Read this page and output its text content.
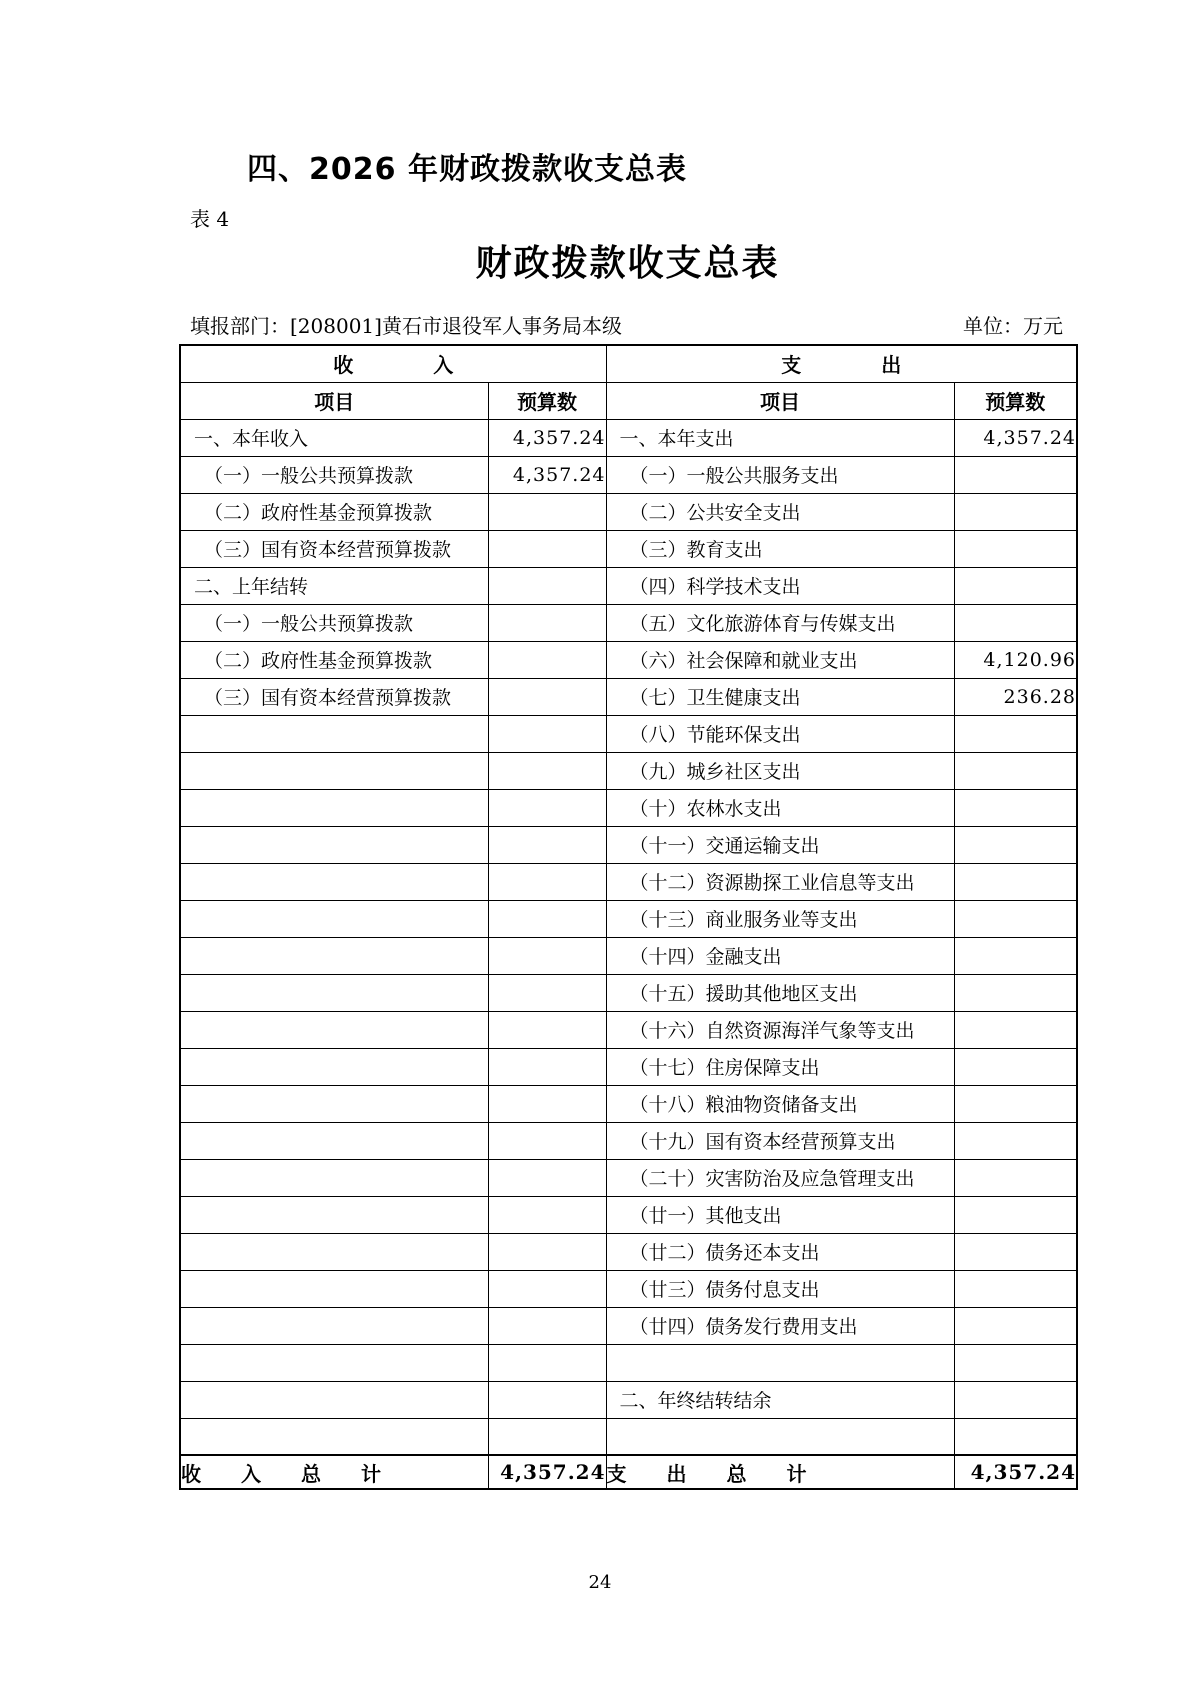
四、2026 年财政拨款收支总表
表 4
财政拨款收支总表
填报部门：[208001]黄石市退役军人事务局本级	单位：万元
收　　　　入		支　　　　出	
项目	预算数	项目	预算数
一、本年收入	4,357.24	一、本年支出	4,357.24
（一）一般公共预算拨款	4,357.24	（一）一般公共服务支出	
（二）政府性基金预算拨款		（二）公共安全支出	
（三）国有资本经营预算拨款		（三）教育支出	
二、上年结转		（四）科学技术支出	
（一）一般公共预算拨款		（五）文化旅游体育与传媒支出	
（二）政府性基金预算拨款		（六）社会保障和就业支出	4,120.96
（三）国有资本经营预算拨款		（七）卫生健康支出	236.28
		（八）节能环保支出	
		（九）城乡社区支出	
		（十）农林水支出	
		（十一）交通运输支出	
		（十二）资源勘探工业信息等支出	
		（十三）商业服务业等支出	
		（十四）金融支出	
		（十五）援助其他地区支出	
		（十六）自然资源海洋气象等支出	
		（十七）住房保障支出	
		（十八）粮油物资储备支出	
		（十九）国有资本经营预算支出	
		（二十）灾害防治及应急管理支出	
		（廿一）其他支出	
		（廿二）债务还本支出	
		（廿三）债务付息支出	
		（廿四）债务发行费用支出	

		二、年终结转结余	

收　　入　　总　　计	4,357.24	支　　出　　总　　计	4,357.24
24
